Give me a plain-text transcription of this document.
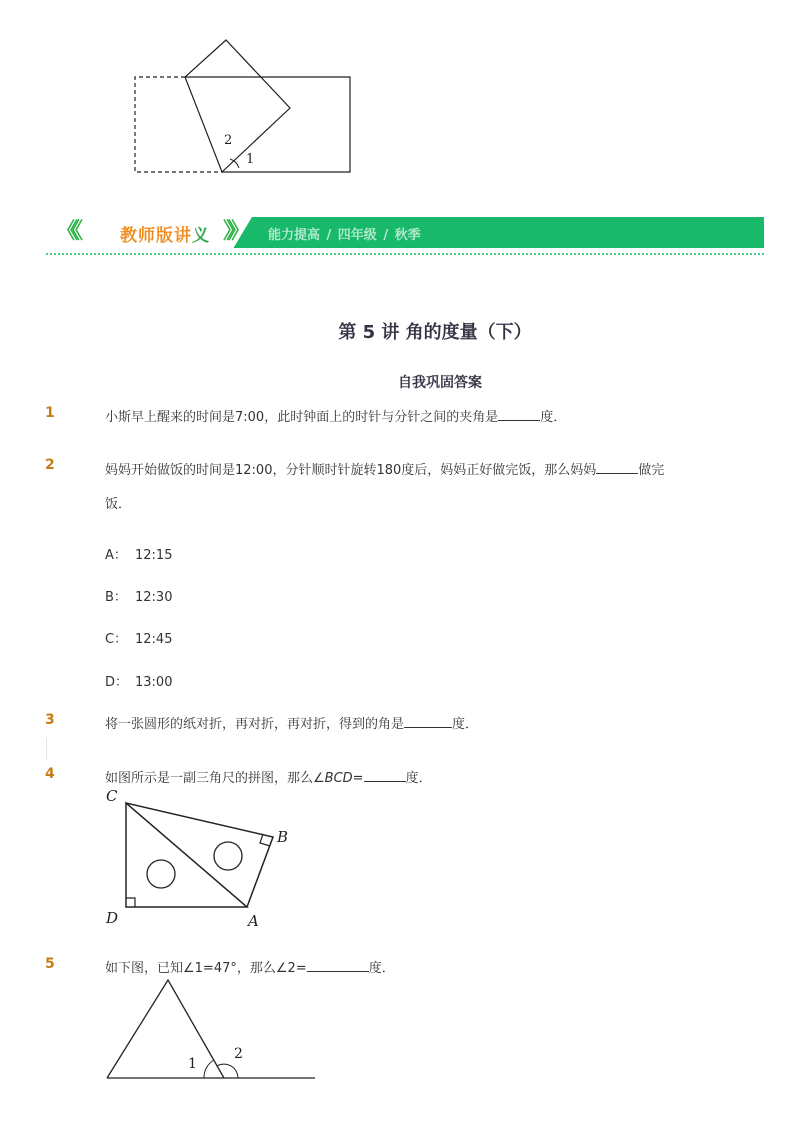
2
1
《《	教师版讲义 》》 能力提高 / 四年级 / 秋季
第 5 讲 角的度量（下）
自我巩固答案
1	小斯早上醒来的时间是7:00，此时钟面上的时针与分针之间的夹角是	度．
2	妈妈开始做饭的时间是12:00，分针顺时针旋转180度后，妈妈正好做完饭，那么妈妈	做完
饭．
A： 12:15
B： 12:30
C： 12:45
D： 13:00
3	将一张圆形的纸对折，再对折，再对折，得到的角是	度．
4	如图所示是一副三角尺的拼图，那么∠BCD=	度．
C
B
D	A
5	如下图，已知∠1=47°，那么∠2=	度．
1
2
